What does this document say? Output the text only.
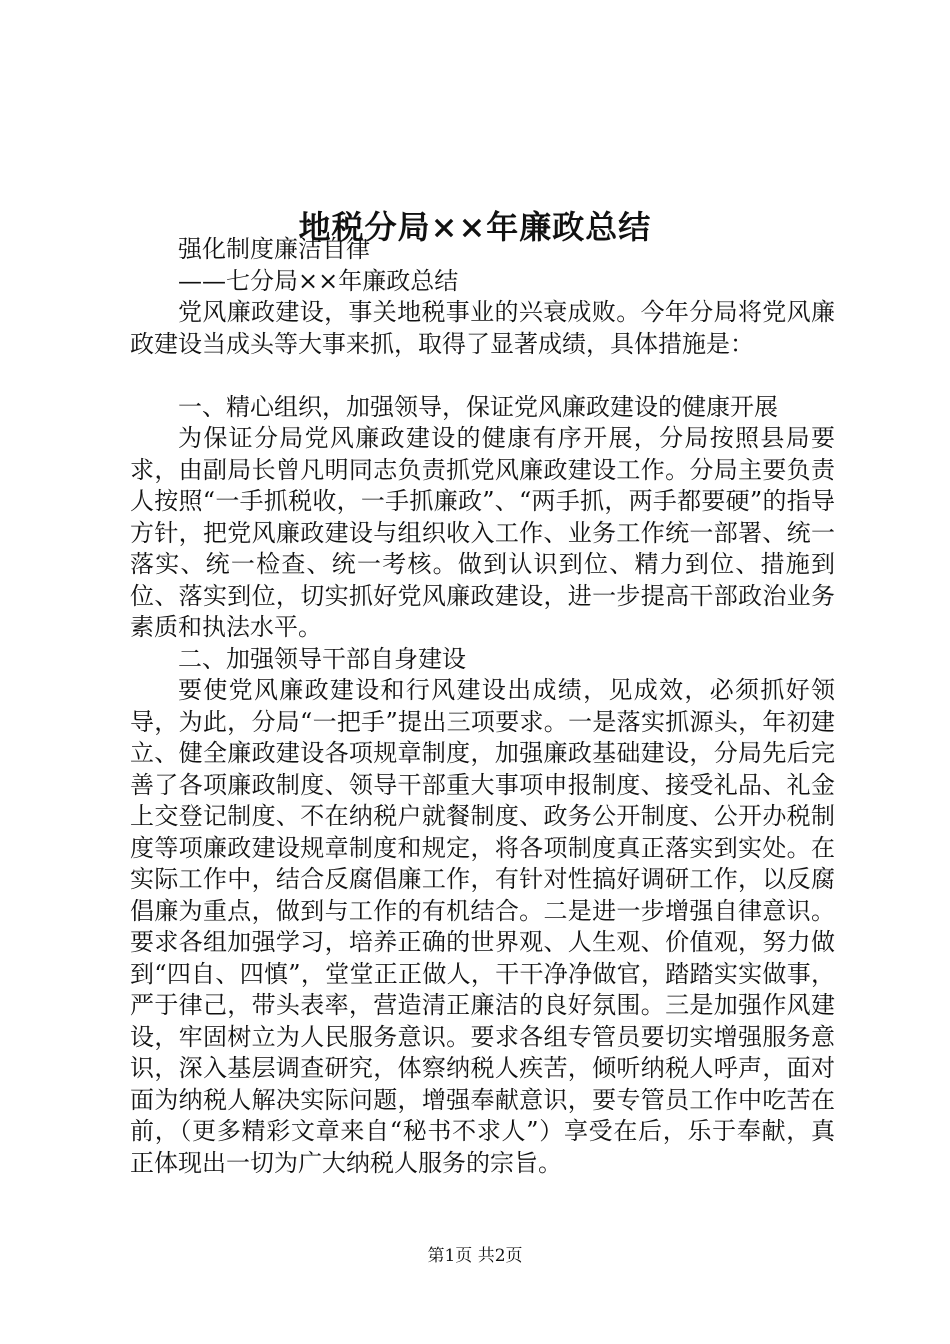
地税分局××年廉政总结

强化制度廉洁自律

——七分局××年廉政总结

党风廉政建设，事关地税事业的兴衰成败。今年分局将党风廉政建设当成头等大事来抓，取得了显著成绩，具体措施是：

一、精心组织，加强领导，保证党风廉政建设的健康开展

为保证分局党风廉政建设的健康有序开展，分局按照县局要求，由副局长曾凡明同志负责抓党风廉政建设工作。分局主要负责人按照“一手抓税收，一手抓廉政”、“两手抓，两手都要硬”的指导方针，把党风廉政建设与组织收入工作、业务工作统一部署、统一落实、统一检查、统一考核。做到认识到位、精力到位、措施到位、落实到位，切实抓好党风廉政建设，进一步提高干部政治业务素质和执法水平。

二、加强领导干部自身建设

要使党风廉政建设和行风建设出成绩，见成效，必须抓好领导，为此，分局“一把手”提出三项要求。一是落实抓源头，年初建立、健全廉政建设各项规章制度，加强廉政基础建设，分局先后完善了各项廉政制度、领导干部重大事项申报制度、接受礼品、礼金上交登记制度、不在纳税户就餐制度、政务公开制度、公开办税制度等项廉政建设规章制度和规定，将各项制度真正落实到实处。在实际工作中，结合反腐倡廉工作，有针对性搞好调研工作，以反腐倡廉为重点，做到与工作的有机结合。二是进一步增强自律意识。要求各组加强学习，培养正确的世界观、人生观、价值观，努力做到“四自、四慎”，堂堂正正做人，干干净净做官，踏踏实实做事，严于律己，带头表率，营造清正廉洁的良好氛围。三是加强作风建设，牢固树立为人民服务意识。要求各组专管员要切实增强服务意识，深入基层调查研究，体察纳税人疾苦，倾听纳税人呼声，面对面为纳税人解决实际问题，增强奉献意识，要专管员工作中吃苦在前，（更多精彩文章来自“秘书不求人”）享受在后，乐于奉献，真正体现出一切为广大纳税人服务的宗旨。

第1页 共2页
